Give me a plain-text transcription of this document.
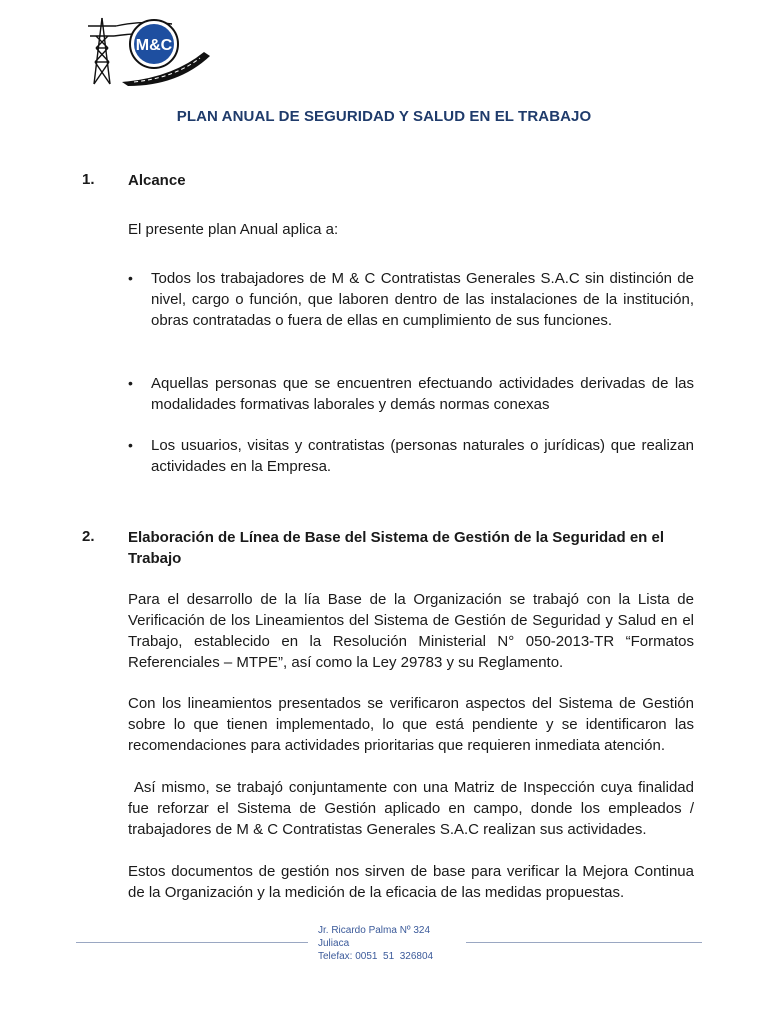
M&C
PLAN ANUAL DE SEGURIDAD Y SALUD EN EL TRABAJO
1. Alcance

El presente plan Anual aplica a:

• Todos los trabajadores de M & C Contratistas Generales S.A.C sin distinción de nivel, cargo o función, que laboren dentro de las instalaciones de la institución, obras contratadas o fuera de ellas en cumplimiento de sus funciones.
• Aquellas personas que se encuentren efectuando actividades derivadas de las modalidades formativas laborales y demás normas conexas
• Los usuarios, visitas y contratistas (personas naturales o jurídicas) que realizan actividades en la Empresa.
2. Elaboración de Línea de Base del Sistema de Gestión de la Seguridad en el Trabajo

Para el desarrollo de la lía Base de la Organización se trabajó con la Lista de Verificación de los Lineamientos del Sistema de Gestión de Seguridad y Salud en el Trabajo, establecido en la Resolución Ministerial N° 050-2013-TR “Formatos Referenciales – MTPE”, así como la Ley 29783 y su Reglamento.

Con los lineamientos presentados se verificaron aspectos del Sistema de Gestión sobre lo que tienen implementado, lo que está pendiente y se identificaron las recomendaciones para actividades prioritarias que requieren inmediata atención.

Así mismo, se trabajó conjuntamente con una Matriz de Inspección cuya finalidad fue reforzar el Sistema de Gestión aplicado en campo, donde los empleados / trabajadores de M & C Contratistas Generales S.A.C realizan sus actividades.

Estos documentos de gestión nos sirven de base para verificar la Mejora Continua de la Organización y la medición de la eficacia de las medidas propuestas.

Jr. Ricardo Palma Nº 324
Juliaca
Telefax: 0051  51  326804
